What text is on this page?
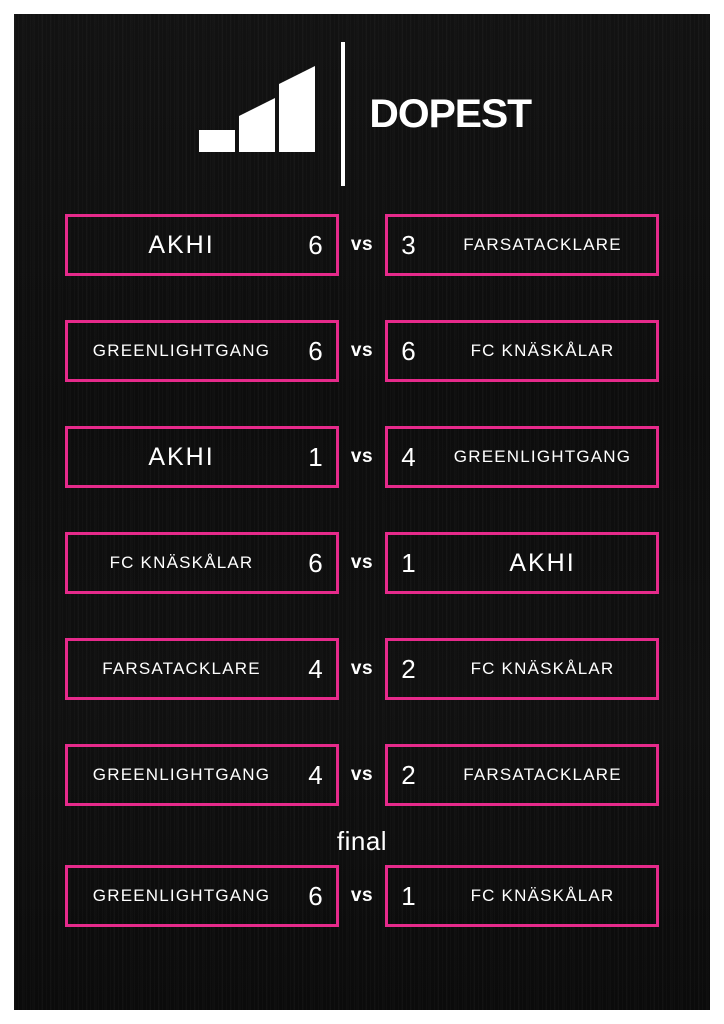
DOPEST
AKHI	6	vs	3	FARSATACKLARE
GREENLIGHTGANG	6	vs	6	FC KNÄSKÅLAR
AKHI	1	vs	4	GREENLIGHTGANG
FC KNÄSKÅLAR	6	vs	1	AKHI
FARSATACKLARE	4	vs	2	FC KNÄSKÅLAR
GREENLIGHTGANG	4	vs	2	FARSATACKLARE
final
GREENLIGHTGANG	6	vs	1	FC KNÄSKÅLAR
